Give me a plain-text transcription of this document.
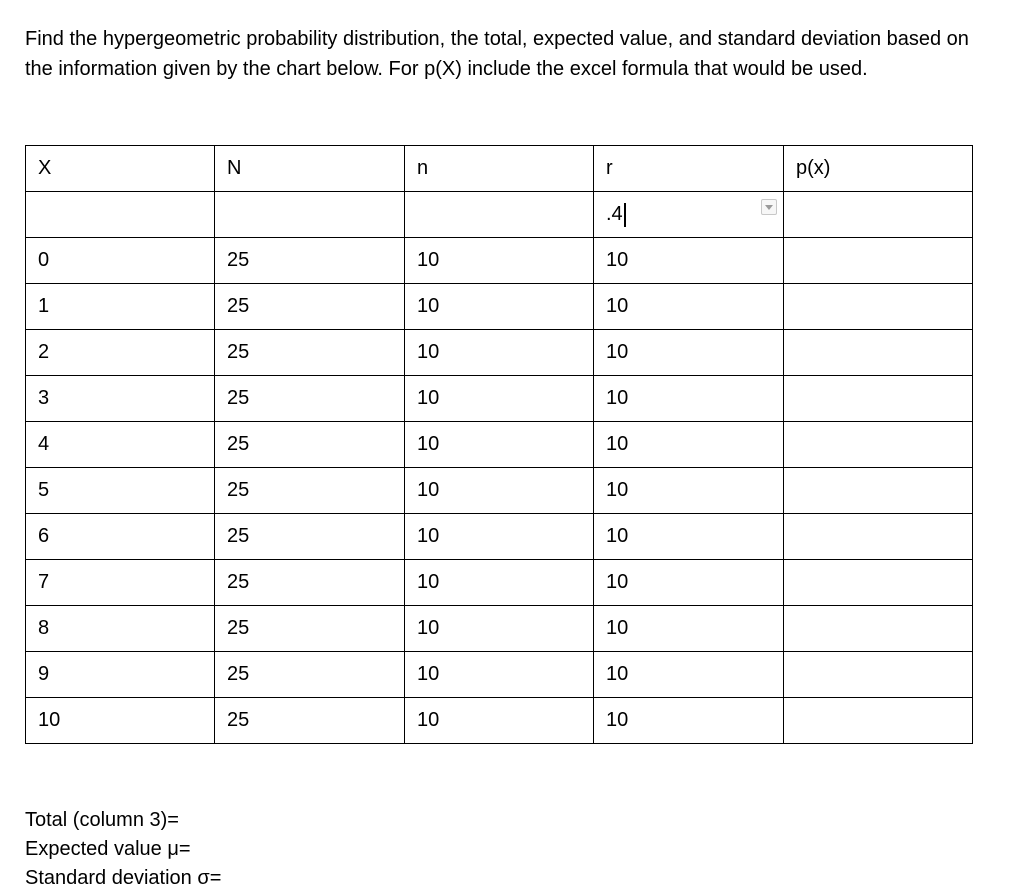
Find the hypergeometric probability distribution, the total, expected value, and standard deviation based on the information given by the chart below. For p(X) include the excel formula that would be used.

X	N	n	r	p(x)
			.4

0	25	10	10	
1	25	10	10	
2	25	10	10	
3	25	10	10	
4	25	10	10	
5	25	10	10	
6	25	10	10	
7	25	10	10	
8	25	10	10	
9	25	10	10	
10	25	10	10	
Total (column 3)=
Expected value μ=
Standard deviation σ=
